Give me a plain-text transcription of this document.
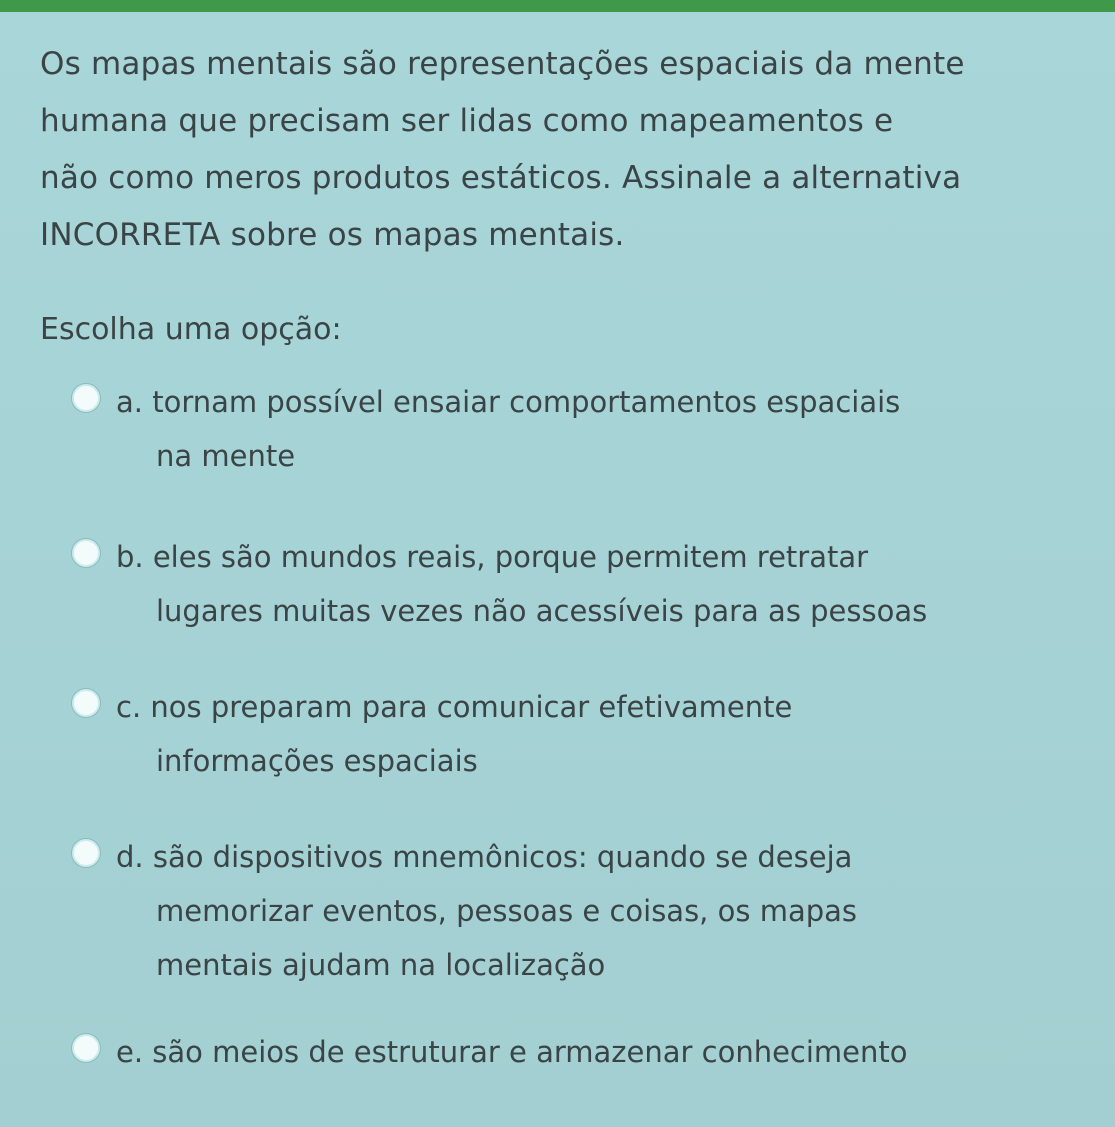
Os mapas mentais são representações espaciais da mente
humana que precisam ser lidas como mapeamentos e
não como meros produtos estáticos. Assinale a alternativa
INCORRETA sobre os mapas mentais.
Escolha uma opção:
a. tornam possível ensaiar comportamentos espaciais
na mente
b. eles são mundos reais, porque permitem retratar
lugares muitas vezes não acessíveis para as pessoas
c. nos preparam para comunicar efetivamente
informações espaciais
d. são dispositivos mnemônicos: quando se deseja
memorizar eventos, pessoas e coisas, os mapas
mentais ajudam na localização
e. são meios de estruturar e armazenar conhecimento
